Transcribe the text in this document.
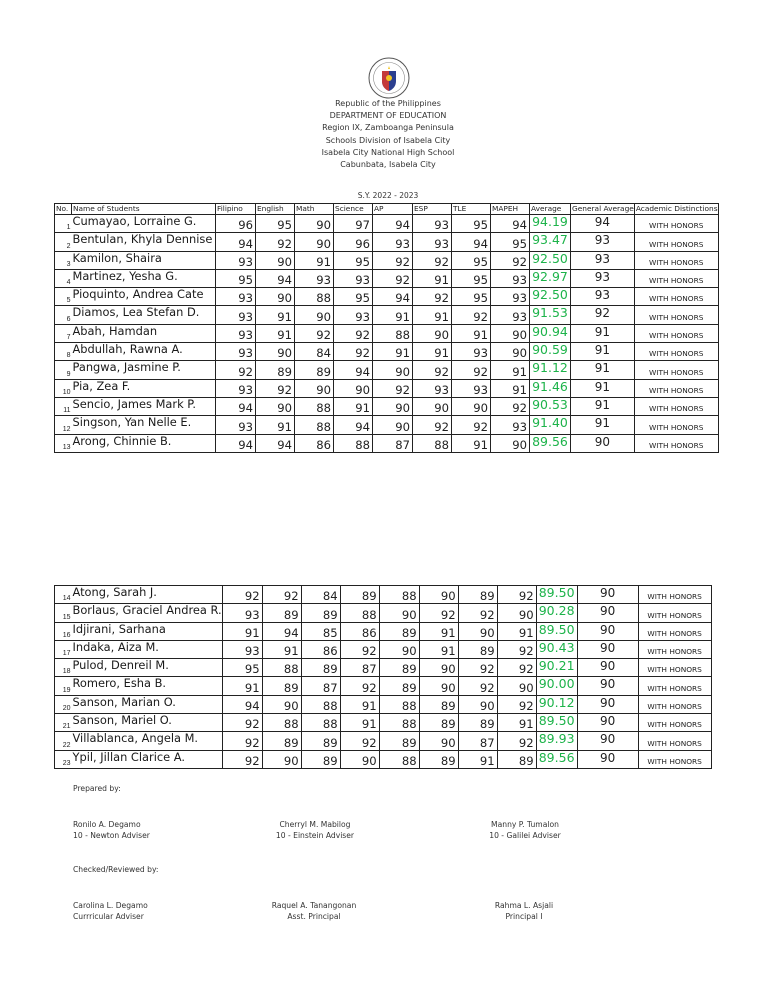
Republic of the Philippines
DEPARTMENT OF EDUCATION
Region IX, Zamboanga Peninsula
Schools Division of Isabela City
Isabela City National High School
Cabunbata, Isabela City
S.Y. 2022 - 2023
No.	Name of Students	Filipino	English	Math	Science	AP	ESP	TLE	MAPEH	Average	General Average	Academic Distinctions
1	Cumayao, Lorraine G.	96	95	90	97	94	93	95	94	94.19	94	WITH HONORS
2	Bentulan, Khyla Dennise	94	92	90	96	93	93	94	95	93.47	93	WITH HONORS
3	Kamilon, Shaira	93	90	91	95	92	92	95	92	92.50	93	WITH HONORS
4	Martinez, Yesha G.	95	94	93	93	92	91	95	93	92.97	93	WITH HONORS
5	Pioquinto, Andrea Cate	93	90	88	95	94	92	95	93	92.50	93	WITH HONORS
6	Diamos, Lea Stefan D.	93	91	90	93	91	91	92	93	91.53	92	WITH HONORS
7	Abah, Hamdan	93	91	92	92	88	90	91	90	90.94	91	WITH HONORS
8	Abdullah, Rawna A.	93	90	84	92	91	91	93	90	90.59	91	WITH HONORS
9	Pangwa, Jasmine P.	92	89	89	94	90	92	92	91	91.12	91	WITH HONORS
10	Pia, Zea F.	93	92	90	90	92	93	93	91	91.46	91	WITH HONORS
11	Sencio, James Mark P.	94	90	88	91	90	90	90	92	90.53	91	WITH HONORS
12	Singson, Yan Nelle E.	93	91	88	94	90	92	92	93	91.40	91	WITH HONORS
13	Arong, Chinnie B.	94	94	86	88	87	88	91	90	89.56	90	WITH HONORS
14	Atong, Sarah J.	92	92	84	89	88	90	89	92	89.50	90	WITH HONORS
15	Borlaus, Graciel Andrea R.	93	89	89	88	90	92	92	90	90.28	90	WITH HONORS
16	Idjirani, Sarhana	91	94	85	86	89	91	90	91	89.50	90	WITH HONORS
17	Indaka, Aiza M.	93	91	86	92	90	91	89	92	90.43	90	WITH HONORS
18	Pulod, Denreil M.	95	88	89	87	89	90	92	92	90.21	90	WITH HONORS
19	Romero, Esha B.	91	89	87	92	89	90	92	90	90.00	90	WITH HONORS
20	Sanson, Marian O.	94	90	88	91	88	89	90	92	90.12	90	WITH HONORS
21	Sanson, Mariel O.	92	88	88	91	88	89	89	91	89.50	90	WITH HONORS
22	Villablanca, Angela M.	92	89	89	92	89	90	87	92	89.93	90	WITH HONORS
23	Ypil, Jillan Clarice A.	92	90	89	90	88	89	91	89	89.56	90	WITH HONORS
Prepared by:
Ronilo A. Degamo
10 - Newton Adviser
Cherryl M. Mabilog
10 - Einstein Adviser
Manny P. Tumalon
10 - Galilei Adviser
Checked/Reviewed by:
Carolina L. Degamo
Currricular Adviser
Raquel A. Tanangonan
Asst. Principal
Rahma L. Asjali
Principal I
